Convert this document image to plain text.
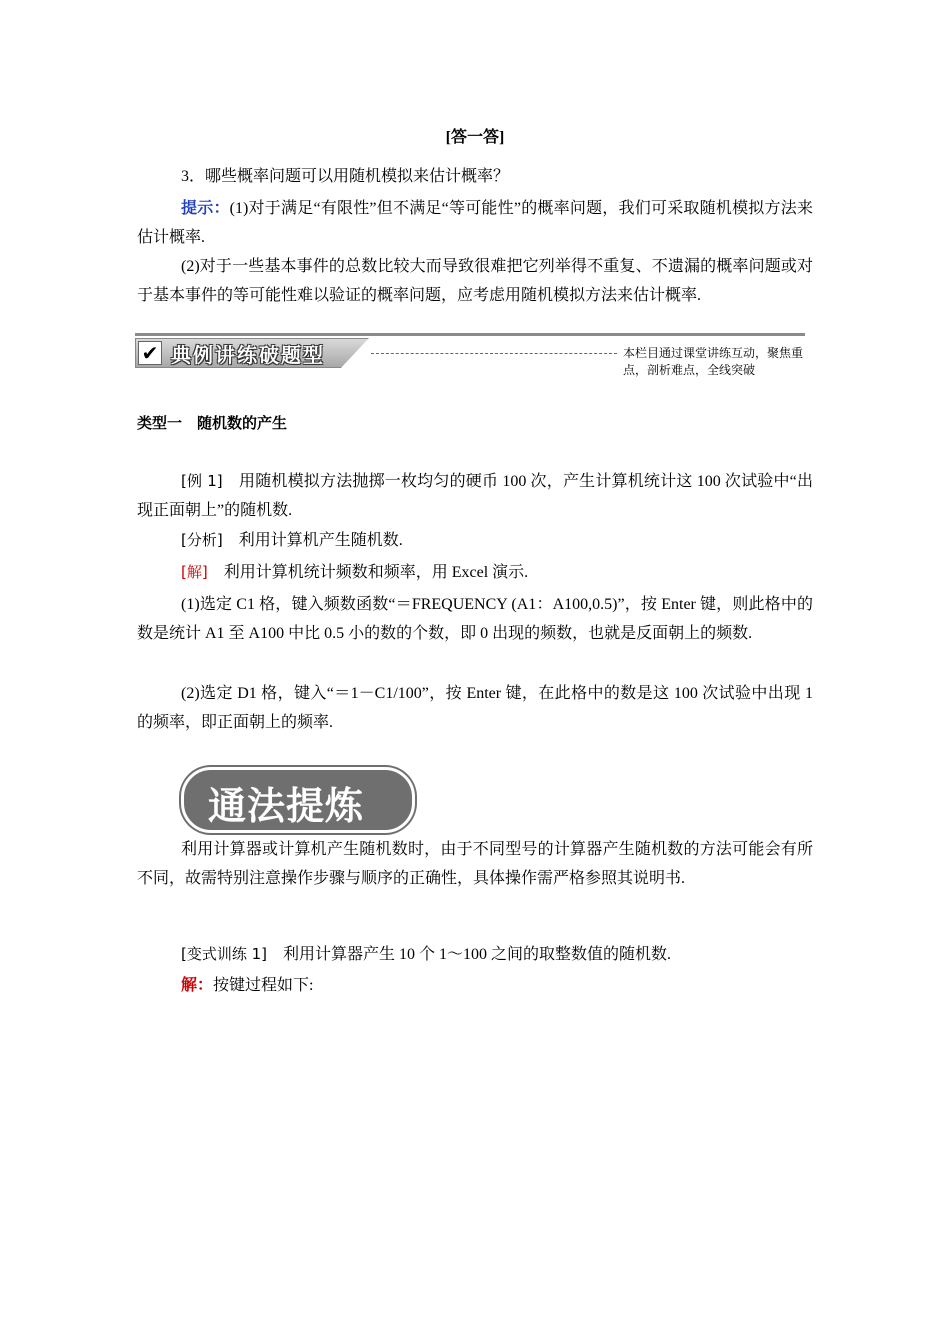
[答一答]
3．哪些概率问题可以用随机模拟来估计概率？
提示：(1)对于满足“有限性”但不满足“等可能性”的概率问题，我们可采取随机模拟方法来估计概率.
(2)对于一些基本事件的总数比较大而导致很难把它列举得不重复、不遗漏的概率问题或对于基本事件的等可能性难以验证的概率问题，应考虑用随机模拟方法来估计概率.
✔ 典例讲练破题型	本栏目通过课堂讲练互动，聚焦重点，剖析难点，全线突破
类型一　随机数的产生
[例 1]　 用随机模拟方法抛掷一枚均匀的硬币 100 次，产生计算机统计这 100 次试验中“出现正面朝上”的随机数.
[分析]　 利用计算机产生随机数.
[解]　 利用计算机统计频数和频率，用 Excel 演示.
(1)选定 C1 格，键入频数函数“＝FREQUENCY (A1：A100,0.5)”，按 Enter 键，则此格中的数是统计 A1 至 A100 中比 0.5 小的数的个数，即 0 出现的频数，也就是反面朝上的频数.
(2)选定 D1 格，键入“＝1－C1/100”，按 Enter 键，在此格中的数是这 100 次试验中出现 1 的频率，即正面朝上的频率.
通法提炼
利用计算器或计算机产生随机数时，由于不同型号的计算器产生随机数的方法可能会有所不同，故需特别注意操作步骤与顺序的正确性，具体操作需严格参照其说明书.
[变式训练 1]　 利用计算器产生 10 个 1～100 之间的取整数值的随机数.
解：按键过程如下:
